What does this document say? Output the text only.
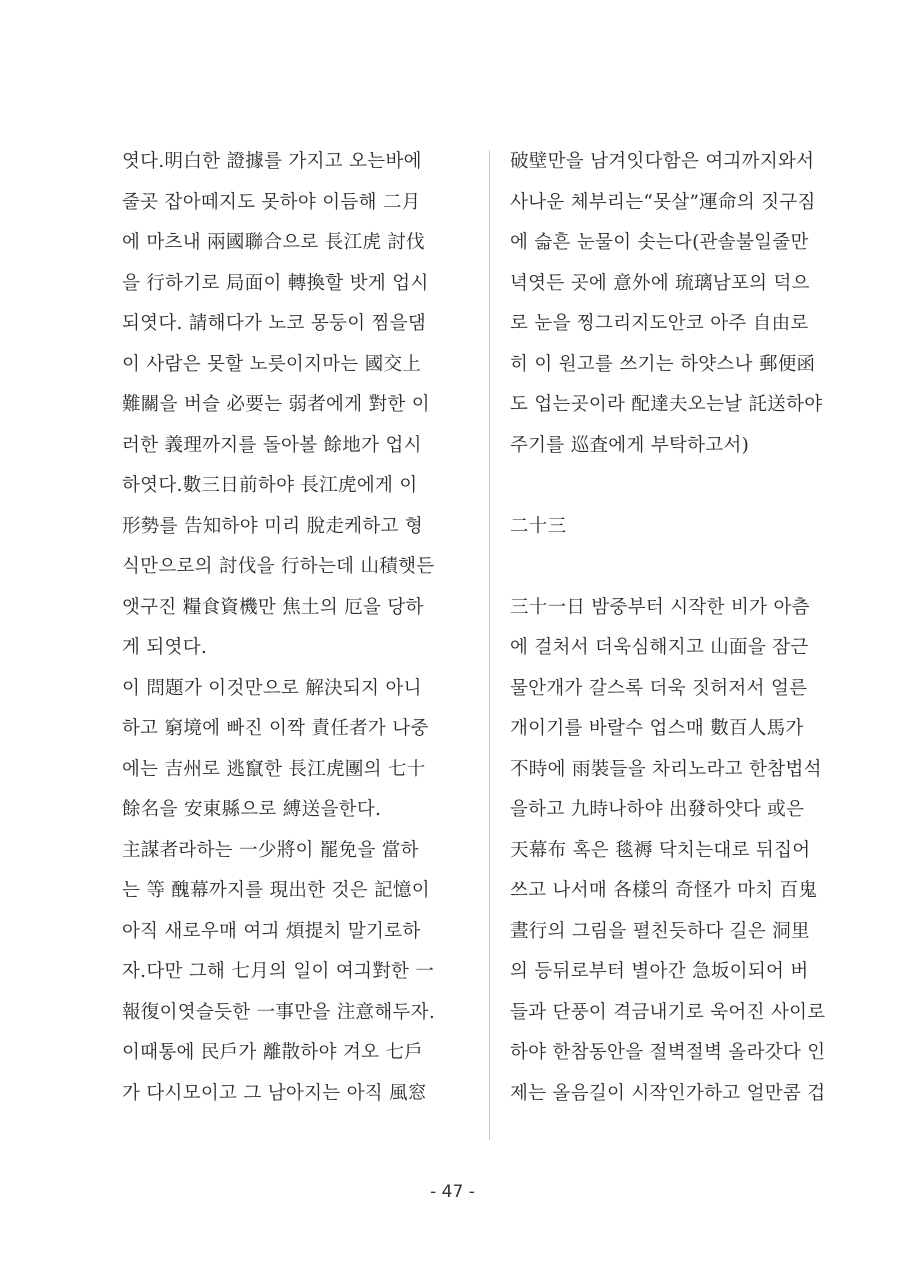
엿다.明白한 證據를 가지고 오는바에
줄곳 잡아떼지도 못하야 이듬해 二月
에 마츠내 兩國聯合으로 長江虎 討伐
을 行하기로 局面이 轉換할 밧게 업시
되엿다. 請해다가 노코 몽둥이 찜을댐
이 사람은 못할 노릇이지마는 國交上
難關을 버슬 必要는 弱者에게 對한 이
러한 義理까지를 돌아볼 餘地가 업시
하엿다.數三日前하야 長江虎에게 이
形勢를 告知하야 미리 脫走케하고 형
식만으로의 討伐을 行하는데 山積햇든
앳구진 糧食資機만 焦土의 厄을 당하
게 되엿다.
이 問題가 이것만으로 解決되지 아니
하고 窮境에 빠진 이짝 責任者가 나중
에는 吉州로 逃竄한 長江虎團의 七十
餘名을 安東縣으로 縛送을한다.
主謀者라하는 一少將이 罷免을 當하
는 等 醜幕까지를 現出한 것은 記憶이
아직 새로우매 여긔 煩提치 말기로하
자.다만 그해 七月의 일이 여긔對한 一
報復이엿슬듯한 一事만을 注意해두자.
이때통에 民戶가 離散하야 겨오 七戶
가 다시모이고 그 남아지는 아직 風窓
破壁만을 남겨잇다함은 여긔까지와서
사나운 체부리는“못살”運命의 짓구짐
에 슯흔 눈물이 솟는다(관솔불일줄만
녁엿든 곳에 意外에 琉璃남포의 덕으
로 눈을 찡그리지도안코 아주 自由로
히 이 원고를 쓰기는 하얏스나 郵便函
도 업는곳이라 配達夫오는날 託送하야
주기를 巡査에게 부탁하고서)
二十三
三十一日 밤중부터 시작한 비가 아츰
에 걸처서 더욱심해지고 山面을 잠근
물안개가 갈스록 더욱 짓허저서 얼른
개이기를 바랄수 업스매 數百人馬가
不時에 雨裝들을 차리노라고 한참법석
을하고 九時나하야 出發하얏다 或은
天幕布 혹은 毯褥 닥치는대로 뒤집어
쓰고 나서매 各樣의 奇怪가 마치 百鬼
晝行의 그림을 펼친듯하다 길은 洞里
의 등뒤로부터 별아간 急坂이되어 버
들과 단풍이 격금내기로 욱어진 사이로
하야 한참동안을 절벽절벽 올라갓다 인
제는 올음길이 시작인가하고 얼만콤 겁
- 47 -
